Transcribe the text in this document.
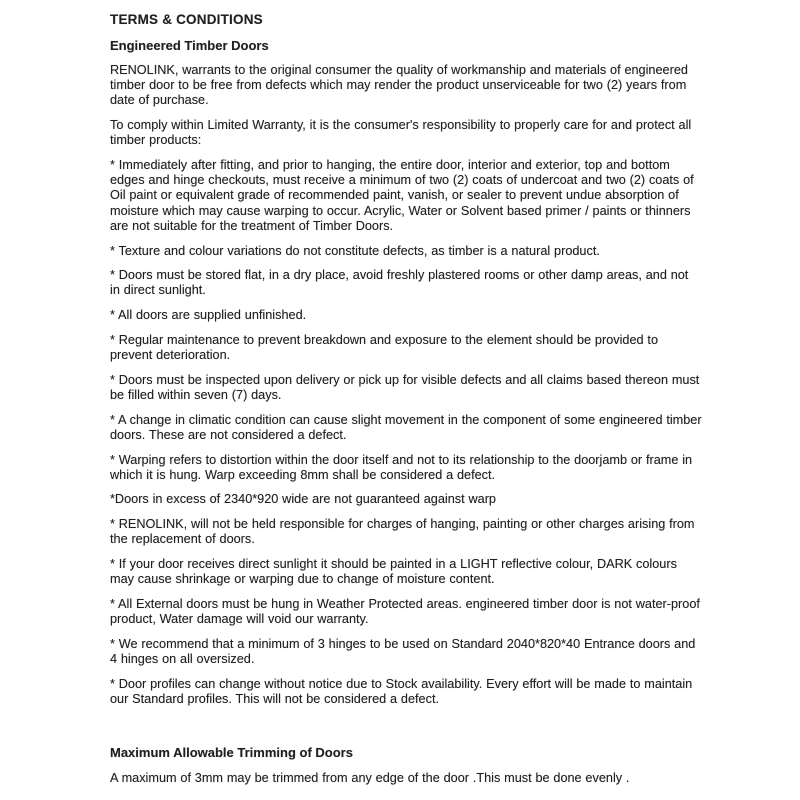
TERMS & CONDITIONS
Engineered Timber Doors

RENOLINK, warrants to the original consumer the quality of workmanship and materials of engineered timber door to be free from defects which may render the product unserviceable for two (2) years from date of purchase.

To comply within Limited Warranty, it is the consumer's responsibility to properly care for and protect all timber products:

* Immediately after fitting, and prior to hanging, the entire door, interior and exterior, top and bottom edges and hinge checkouts, must receive a minimum of two (2) coats of undercoat and two (2) coats of Oil paint or equivalent grade of recommended paint, vanish, or sealer to prevent undue absorption of moisture which may cause warping to occur. Acrylic, Water or Solvent based primer / paints or thinners are not suitable for the treatment of Timber Doors.

* Texture and colour variations do not constitute defects, as timber is a natural product.

* Doors must be stored flat, in a dry place, avoid freshly plastered rooms or other damp areas, and not in direct sunlight.

* All doors are supplied unfinished.

* Regular maintenance to prevent breakdown and exposure to the element should be provided to prevent deterioration.

* Doors must be inspected upon delivery or pick up for visible defects and all claims based thereon must be filled within seven (7) days.

* A change in climatic condition can cause slight movement in the component of some engineered timber doors. These are not considered a defect.

* Warping refers to distortion within the door itself and not to its relationship to the doorjamb or frame in which it is hung. Warp exceeding 8mm shall be considered a defect.

*Doors in excess of 2340*920 wide are not guaranteed against warp

* RENOLINK, will not be held responsible for charges of hanging, painting or other charges arising from the replacement of doors.

* If your door receives direct sunlight it should be painted in a LIGHT reflective colour, DARK colours may cause shrinkage or warping due to change of moisture content.

* All External doors must be hung in Weather Protected areas. engineered timber door is not water-proof product, Water damage will void our warranty.

* We recommend that a minimum of 3 hinges to be used on Standard 2040*820*40 Entrance doors and 4 hinges on all oversized.

* Door profiles can change without notice due to Stock availability. Every effort will be made to maintain our Standard profiles. This will not be considered a defect.

Maximum Allowable Trimming of Doors

A maximum of 3mm may be trimmed from any edge of the door .This must be done evenly .
